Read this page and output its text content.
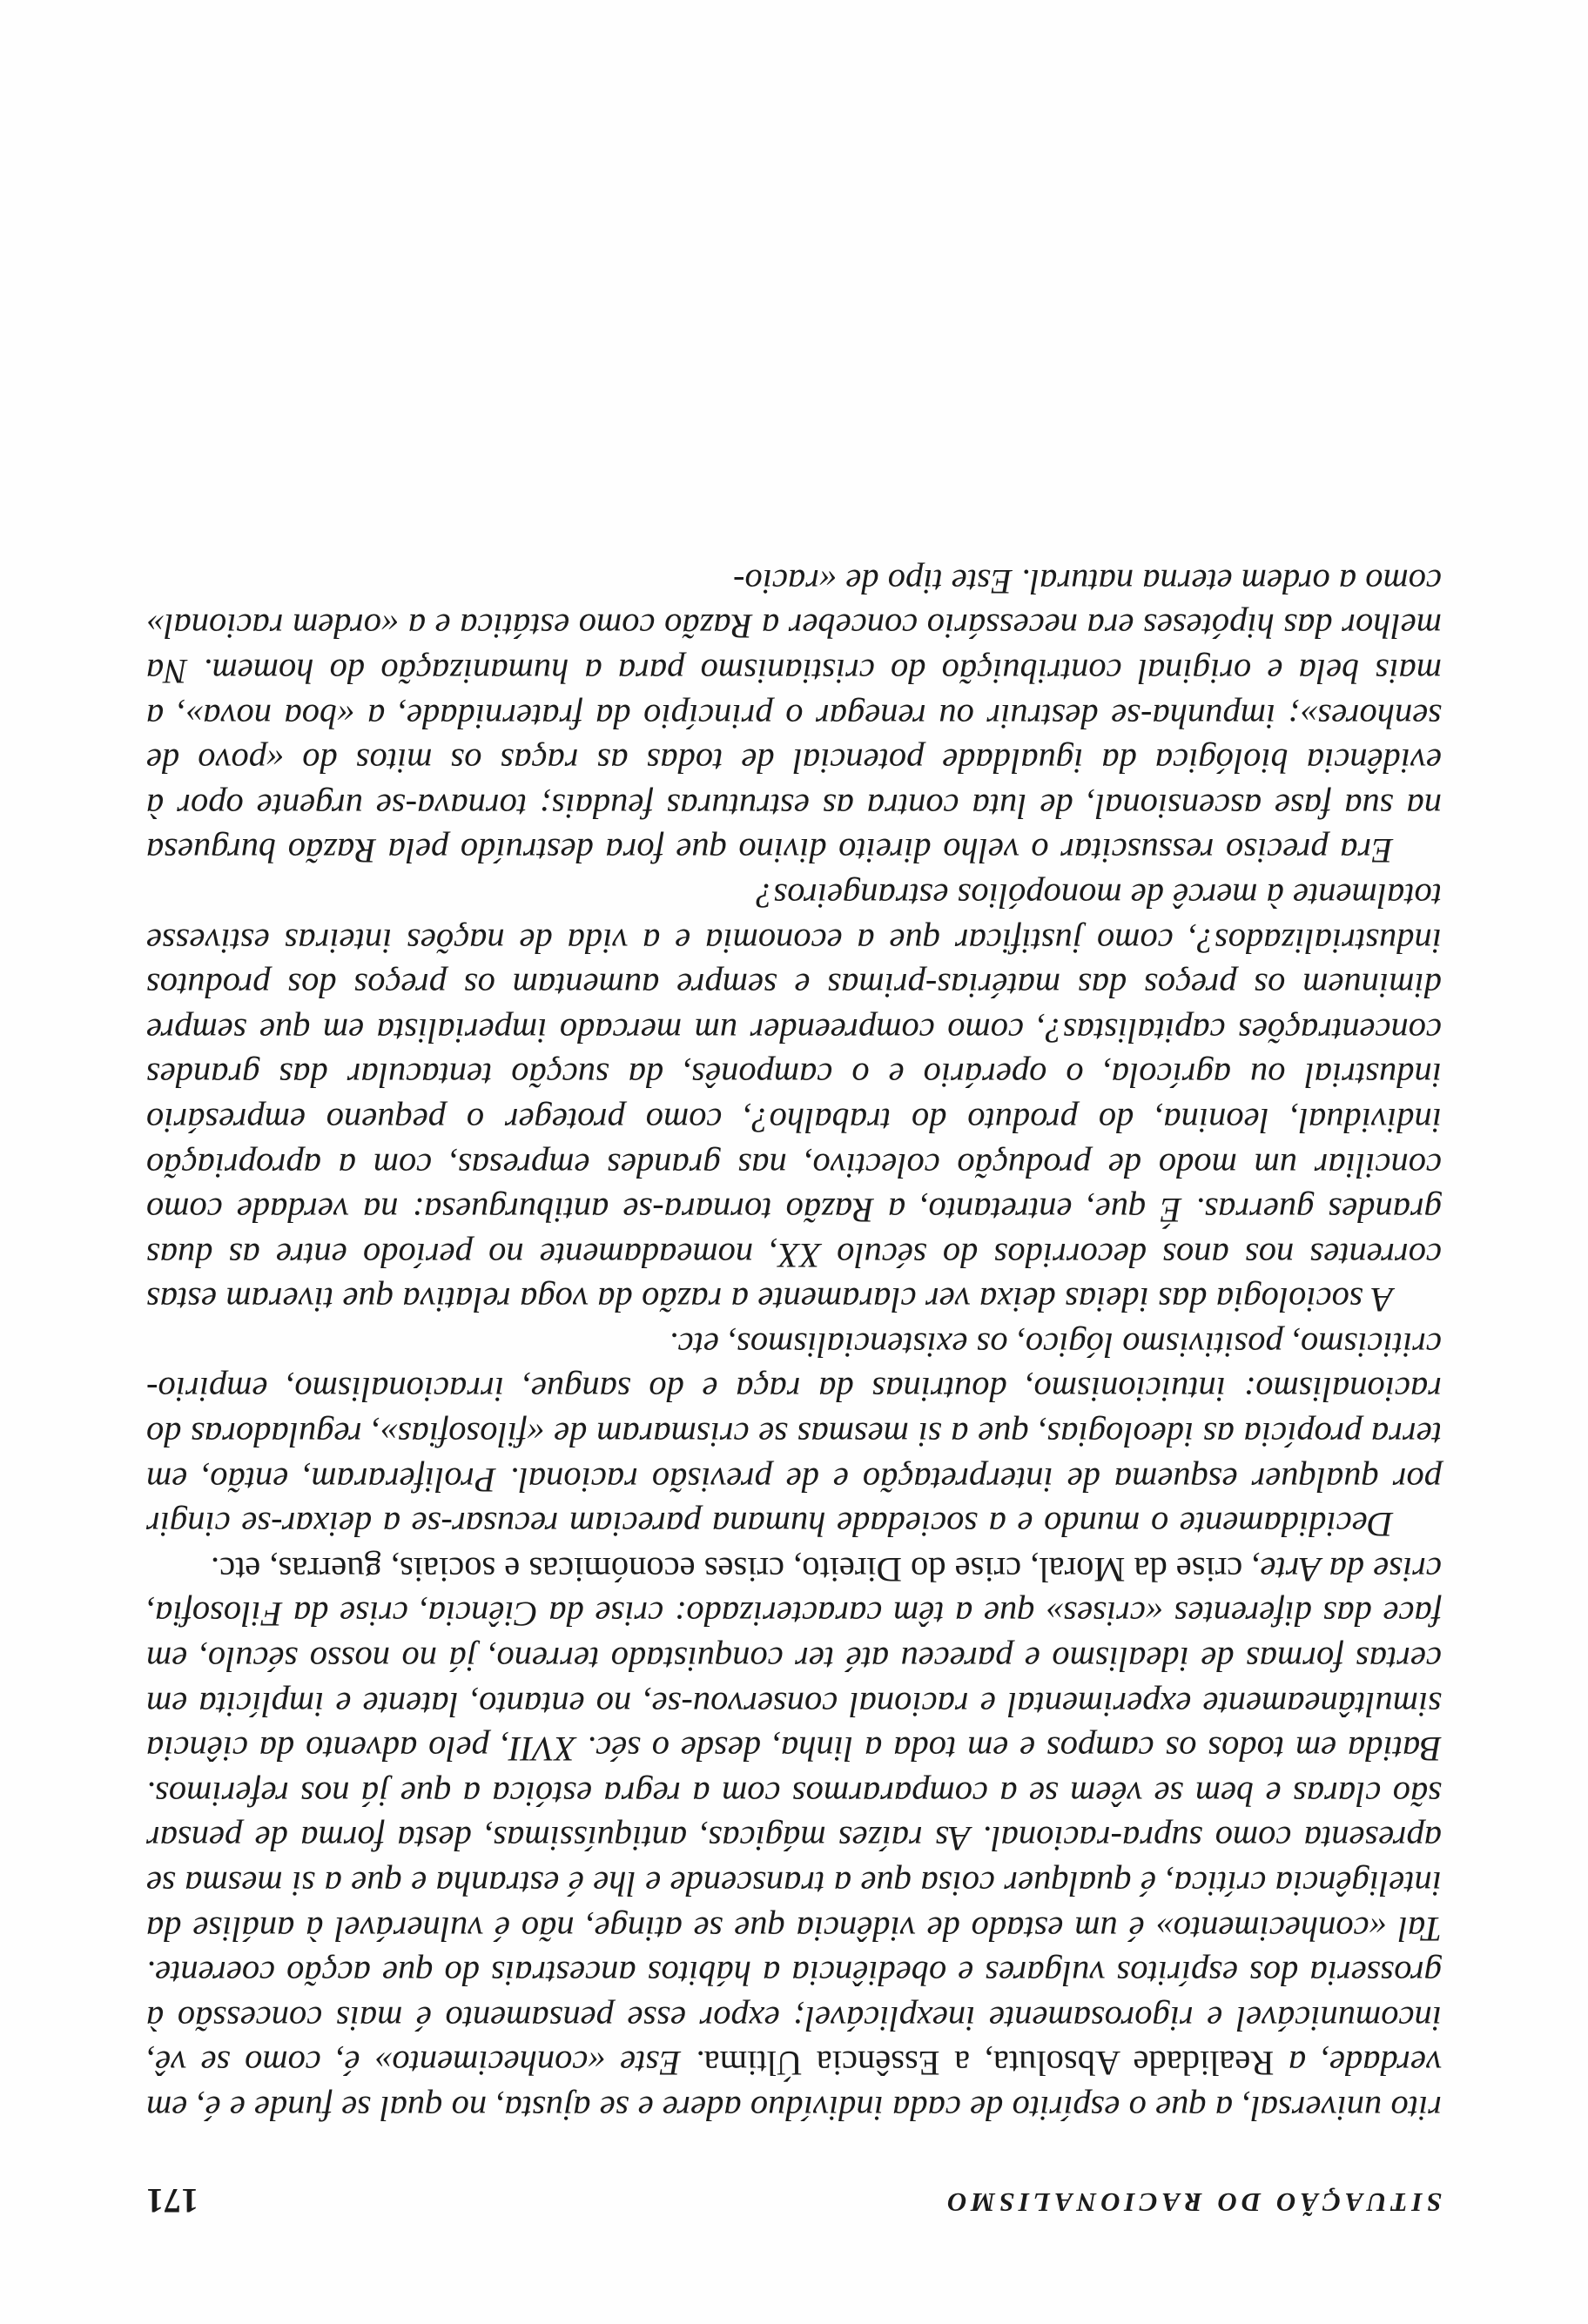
SITUAÇÃO DO RACIONALISMO
171

rito universal, a que o espírito de cada indivíduo adere e se ajusta, no qual se funde e é, em verdade, a Realidade Absoluta, a Essência Última. Este «conhecimento» é, como se vê, incomunicável e rigorosamente inexplicável; expor esse pensamento é mais concessão à grosseria dos espíritos vulgares e obediência a hábitos ancestrais do que acção coerente. Tal «conhecimento» é um estado de vidência que se atinge, não é vulnerável à análise da inteligência crítica, é qualquer coisa que a transcende e lhe é estranha e que a si mesma se apresenta como supra-racional. As raízes mágicas, antiquíssimas, desta forma de pensar são claras e bem se vêem se a compararmos com a regra estóica a que já nos referimos. Batida em todos os campos e em toda a linha, desde o séc. XVII, pelo advento da ciência simultâneamente experimental e racional conservou-se, no entanto, latente e implícita em certas formas de idealismo e pareceu até ter conquistado terreno, já no nosso século, em face das diferentes «crises» que a têm caracterizado: crise da Ciência, crise da Filosofia, crise da Arte, crise da Moral, crise do Direito, crises económicas e sociais, guerras, etc.

Decididamente o mundo e a sociedade humana pareciam recusar-se a deixar-se cingir por qualquer esquema de interpretação e de previsão racional. Proliferaram, então, em terra propícia as ideologias, que a si mesmas se crismaram de «filosofias», reguladoras do racionalismo: intuicionismo, doutrinas da raça e do sangue, irracionalismo, empirio-criticismo, positivismo lógico, os existencialismos, etc.

A sociologia das ideias deixa ver claramente a razão da voga relativa que tiveram estas correntes nos anos decorridos do século XX, nomeadamente no período entre as duas grandes guerras. É que, entretanto, a Razão tornara-se antiburguesa: na verdade como conciliar um modo de produção colectivo, nas grandes empresas, com a apropriação individual, leonina, do produto do trabalho?, como proteger o pequeno empresário industrial ou agrícola, o operário e o camponês, da sucção tentacular das grandes concentrações capitalistas?, como compreender um mercado imperialista em que sempre diminuem os preços das matérias-primas e sempre aumentam os preços dos produtos industrializados?, como justificar que a economia e a vida de nações inteiras estivesse totalmente à mercê de monopólios estrangeiros?

Era preciso ressuscitar o velho direito divino que fora destruído pela Razão burguesa na sua fase ascensional, de luta contra as estruturas feudais; tornava-se urgente opor à evidência biológica da igualdade potencial de todas as raças os mitos do «povo de senhores»; impunha-se destruir ou renegar o princípio da fraternidade, a «boa nova», a mais bela e original contribuição do cristianismo para a humanização do homem. Na melhor das hipóteses era necessário conceber a Razão como estática e a «ordem racional» como a ordem eterna natural. Este tipo de «racio-
